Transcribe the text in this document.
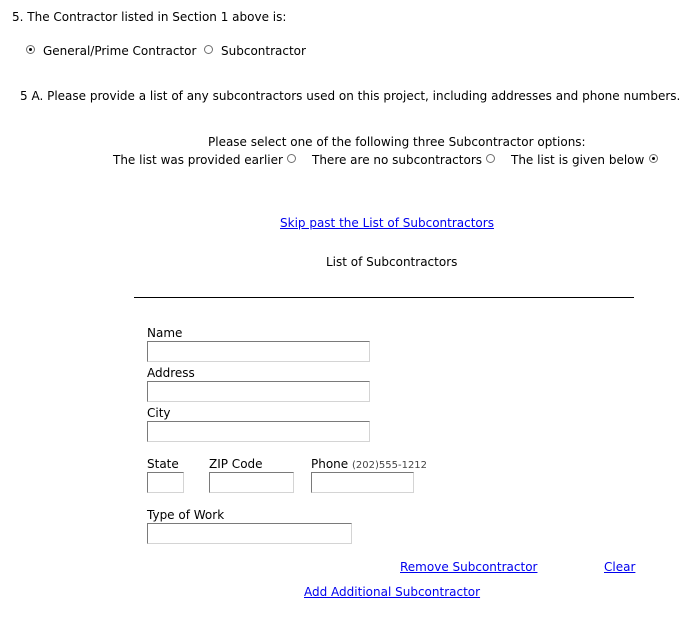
5. The Contractor listed in Section 1 above is:
General/Prime Contractor Subcontractor
5 A. Please provide a list of any subcontractors used on this project, including addresses and phone numbers.
Please select one of the following three Subcontractor options:
The list was provided earlier There are no subcontractors The list is given below
Skip past the List of Subcontractors
List of Subcontractors
Name
Address
City
State	ZIP Code	Phone (202)555-1212
Type of Work
Remove Subcontractor	Clear
Add Additional Subcontractor
